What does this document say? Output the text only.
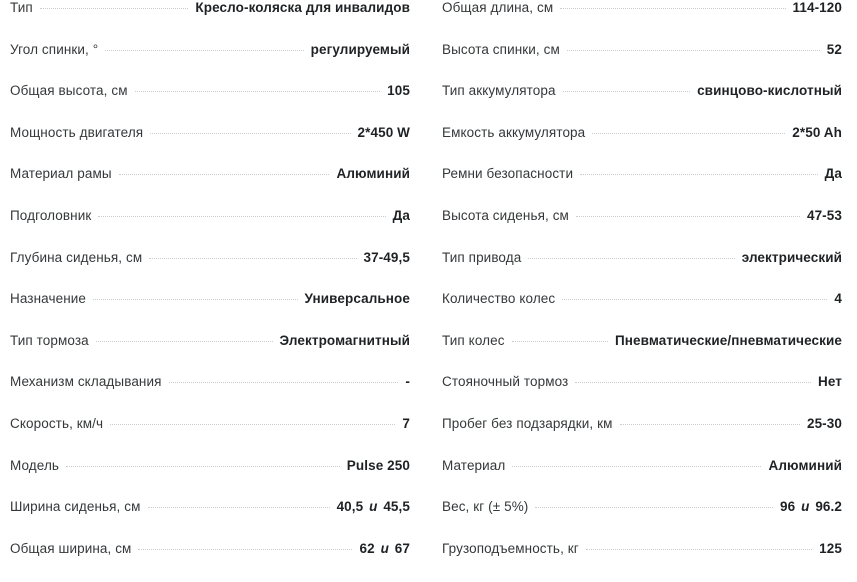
Тип	Кресло-коляска для инвалидов
Угол спинки, °	регулируемый
Общая высота, см	105
Мощность двигателя	2*450 W
Материал рамы	Алюминий
Подголовник	Да
Глубина сиденья, см	37-49,5
Назначение	Универсальное
Тип тормоза	Электромагнитный
Механизм складывания	-
Скорость, км/ч	7
Модель	Pulse 250
Ширина сиденья, см	40,5 и 45,5
Общая ширина, см	62 и 67
Общая длина, см	114-120
Высота спинки, см	52
Тип аккумулятора	свинцово-кислотный
Емкость аккумулятора	2*50 Ah
Ремни безопасности	Да
Высота сиденья, см	47-53
Тип привода	электрический
Количество колес	4
Тип колес	Пневматические/пневматические
Стояночный тормоз	Нет
Пробег без подзарядки, км	25-30
Материал	Алюминий
Вес, кг (± 5%)	96 и 96.2
Грузоподъемность, кг	125
